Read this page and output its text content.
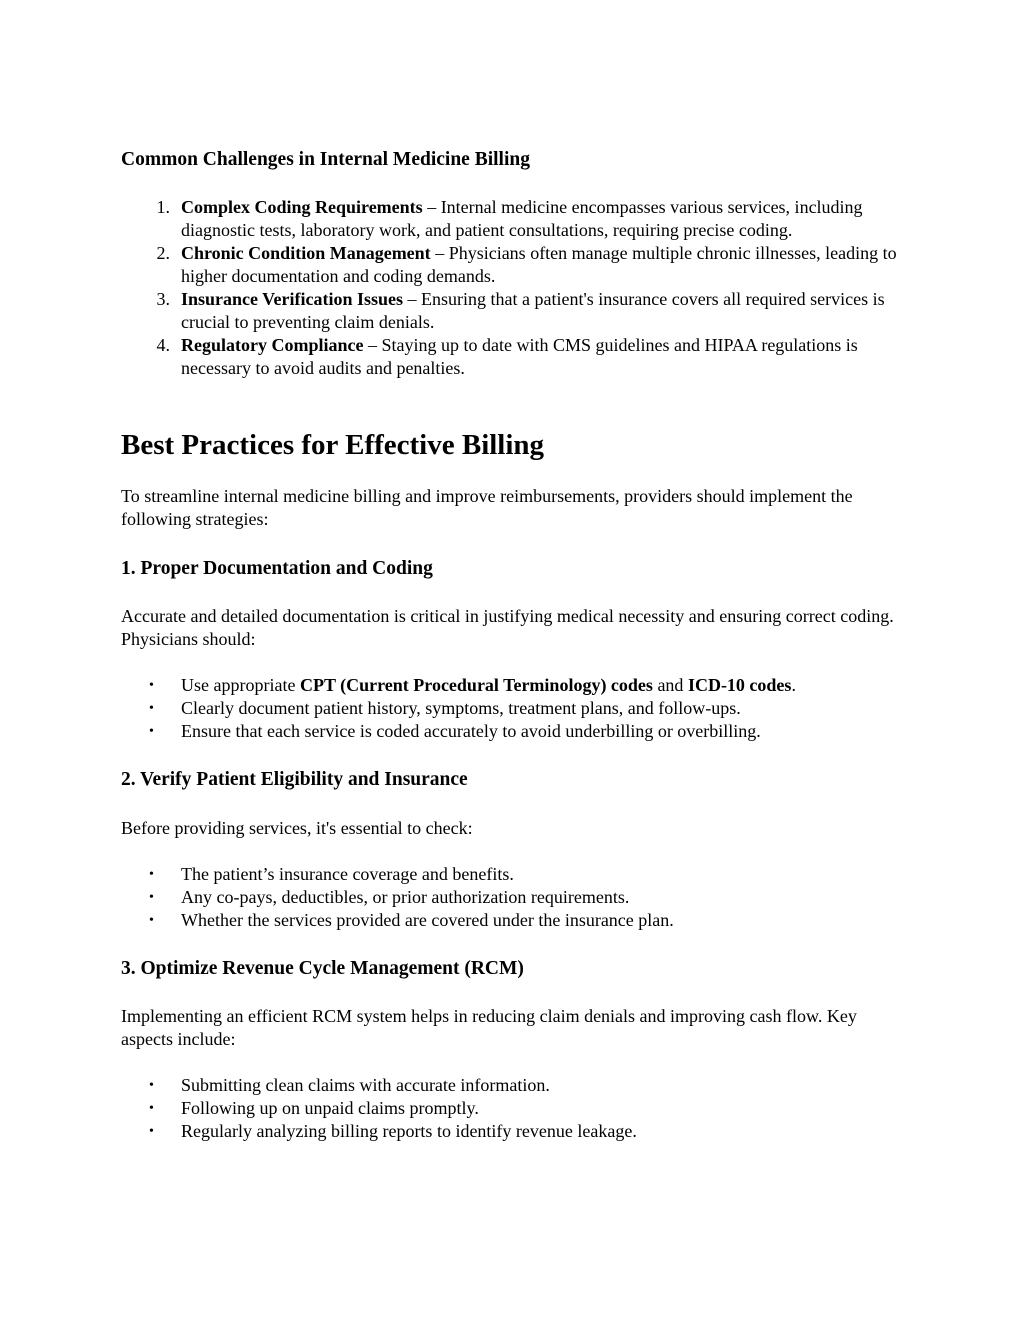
Common Challenges in Internal Medicine Billing
1. Complex Coding Requirements – Internal medicine encompasses various services, including diagnostic tests, laboratory work, and patient consultations, requiring precise coding.
2. Chronic Condition Management – Physicians often manage multiple chronic illnesses, leading to higher documentation and coding demands.
3. Insurance Verification Issues – Ensuring that a patient's insurance covers all required services is crucial to preventing claim denials.
4. Regulatory Compliance – Staying up to date with CMS guidelines and HIPAA regulations is necessary to avoid audits and penalties.
Best Practices for Effective Billing
To streamline internal medicine billing and improve reimbursements, providers should implement the following strategies:
1. Proper Documentation and Coding
Accurate and detailed documentation is critical in justifying medical necessity and ensuring correct coding. Physicians should:
• Use appropriate CPT (Current Procedural Terminology) codes and ICD-10 codes.
• Clearly document patient history, symptoms, treatment plans, and follow-ups.
• Ensure that each service is coded accurately to avoid underbilling or overbilling.
2. Verify Patient Eligibility and Insurance
Before providing services, it's essential to check:
• The patient’s insurance coverage and benefits.
• Any co-pays, deductibles, or prior authorization requirements.
• Whether the services provided are covered under the insurance plan.
3. Optimize Revenue Cycle Management (RCM)
Implementing an efficient RCM system helps in reducing claim denials and improving cash flow. Key aspects include:
• Submitting clean claims with accurate information.
• Following up on unpaid claims promptly.
• Regularly analyzing billing reports to identify revenue leakage.
